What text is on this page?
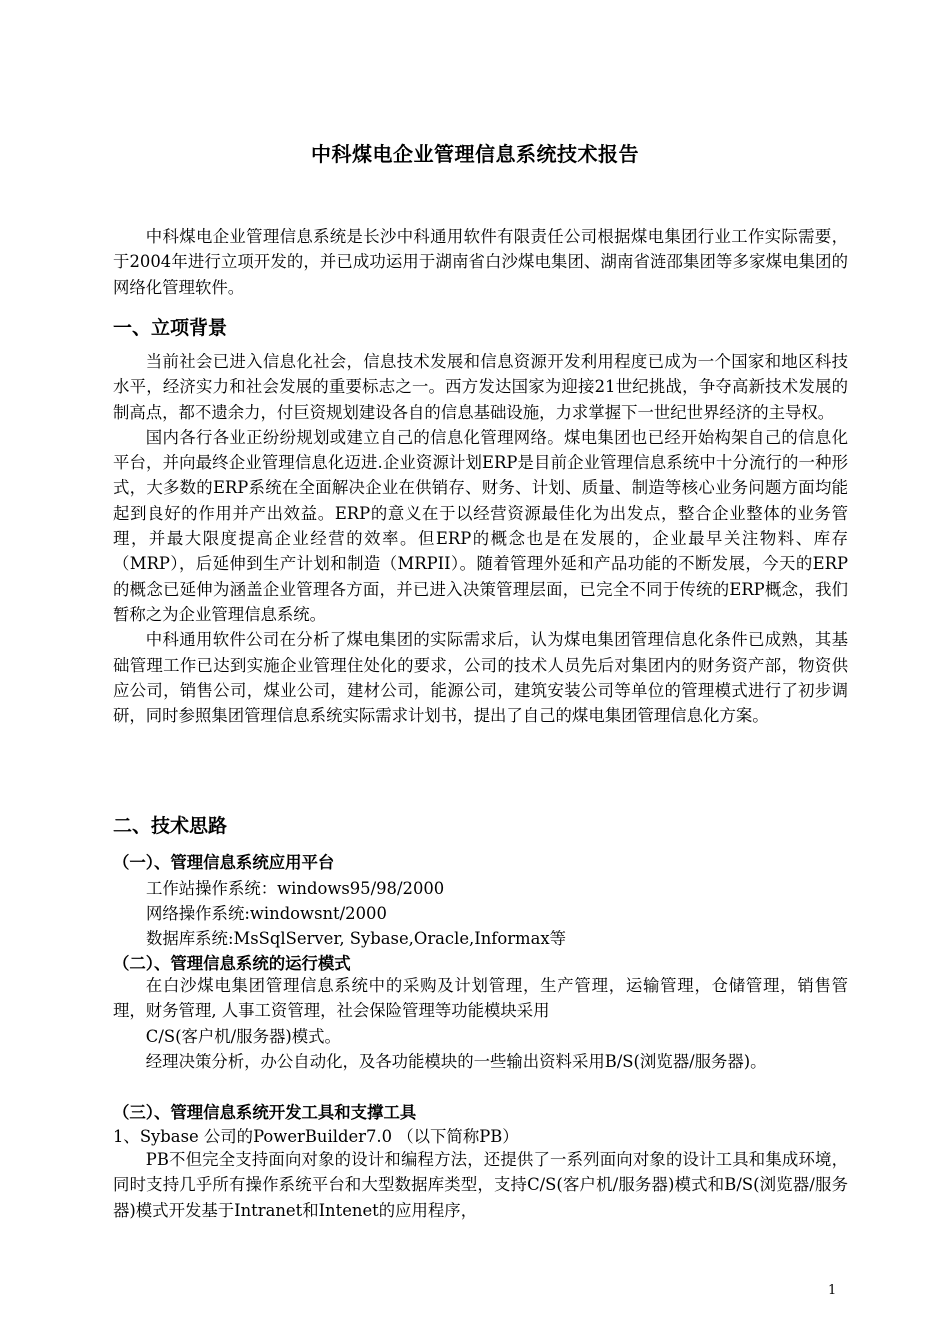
中科煤电企业管理信息系统技术报告

中科煤电企业管理信息系统是长沙中科通用软件有限责任公司根据煤电集团行业工作实际需要，于2004年进行立项开发的，并已成功运用于湖南省白沙煤电集团、湖南省涟邵集团等多家煤电集团的网络化管理软件。

一、立项背景

当前社会已进入信息化社会，信息技术发展和信息资源开发利用程度已成为一个国家和地区科技水平，经济实力和社会发展的重要标志之一。西方发达国家为迎接21世纪挑战，争夺高新技术发展的制高点，都不遗余力，付巨资规划建设各自的信息基础设施，力求掌握下一世纪世界经济的主导权。

国内各行各业正纷纷规划或建立自己的信息化管理网络。煤电集团也已经开始构架自己的信息化平台，并向最终企业管理信息化迈进.企业资源计划ERP是目前企业管理信息系统中十分流行的一种形式，大多数的ERP系统在全面解决企业在供销存、财务、计划、质量、制造等核心业务问题方面均能起到良好的作用并产出效益。ERP的意义在于以经营资源最佳化为出发点，整合企业整体的业务管理，并最大限度提高企业经营的效率。但ERP的概念也是在发展的，企业最早关注物料、库存（MRP），后延伸到生产计划和制造（MRPII）。随着管理外延和产品功能的不断发展，今天的ERP的概念已延伸为涵盖企业管理各方面，并已进入决策管理层面，已完全不同于传统的ERP概念，我们暂称之为企业管理信息系统。

中科通用软件公司在分析了煤电集团的实际需求后，认为煤电集团管理信息化条件已成熟，其基础管理工作已达到实施企业管理住处化的要求，公司的技术人员先后对集团内的财务资产部，物资供应公司，销售公司，煤业公司，建材公司，能源公司，建筑安装公司等单位的管理模式进行了初步调研，同时参照集团管理信息系统实际需求计划书，提出了自己的煤电集团管理信息化方案。

二、技术思路
（一）、管理信息系统应用平台
工作站操作系统：windows95/98/2000
网络操作系统:windowsnt/2000
数据库系统:MsSqlServer, Sybase,Oracle,Informax等
（二）、管理信息系统的运行模式

在白沙煤电集团管理信息系统中的采购及计划管理，生产管理，运输管理，仓储管理，销售管理，财务管理, 人事工资管理，社会保险管理等功能模块采用

C/S(客户机/服务器)模式。

经理决策分析，办公自动化，及各功能模块的一些输出资料采用B/S(浏览器/服务器)。

（三）、管理信息系统开发工具和支撑工具
1、Sybase 公司的PowerBuilder7.0 （以下简称PB）

PB不但完全支持面向对象的设计和编程方法，还提供了一系列面向对象的设计工具和集成环境，同时支持几乎所有操作系统平台和大型数据库类型，支持C/S(客户机/服务器)模式和B/S(浏览器/服务器)模式开发基于Intranet和Intenet的应用程序，

1
